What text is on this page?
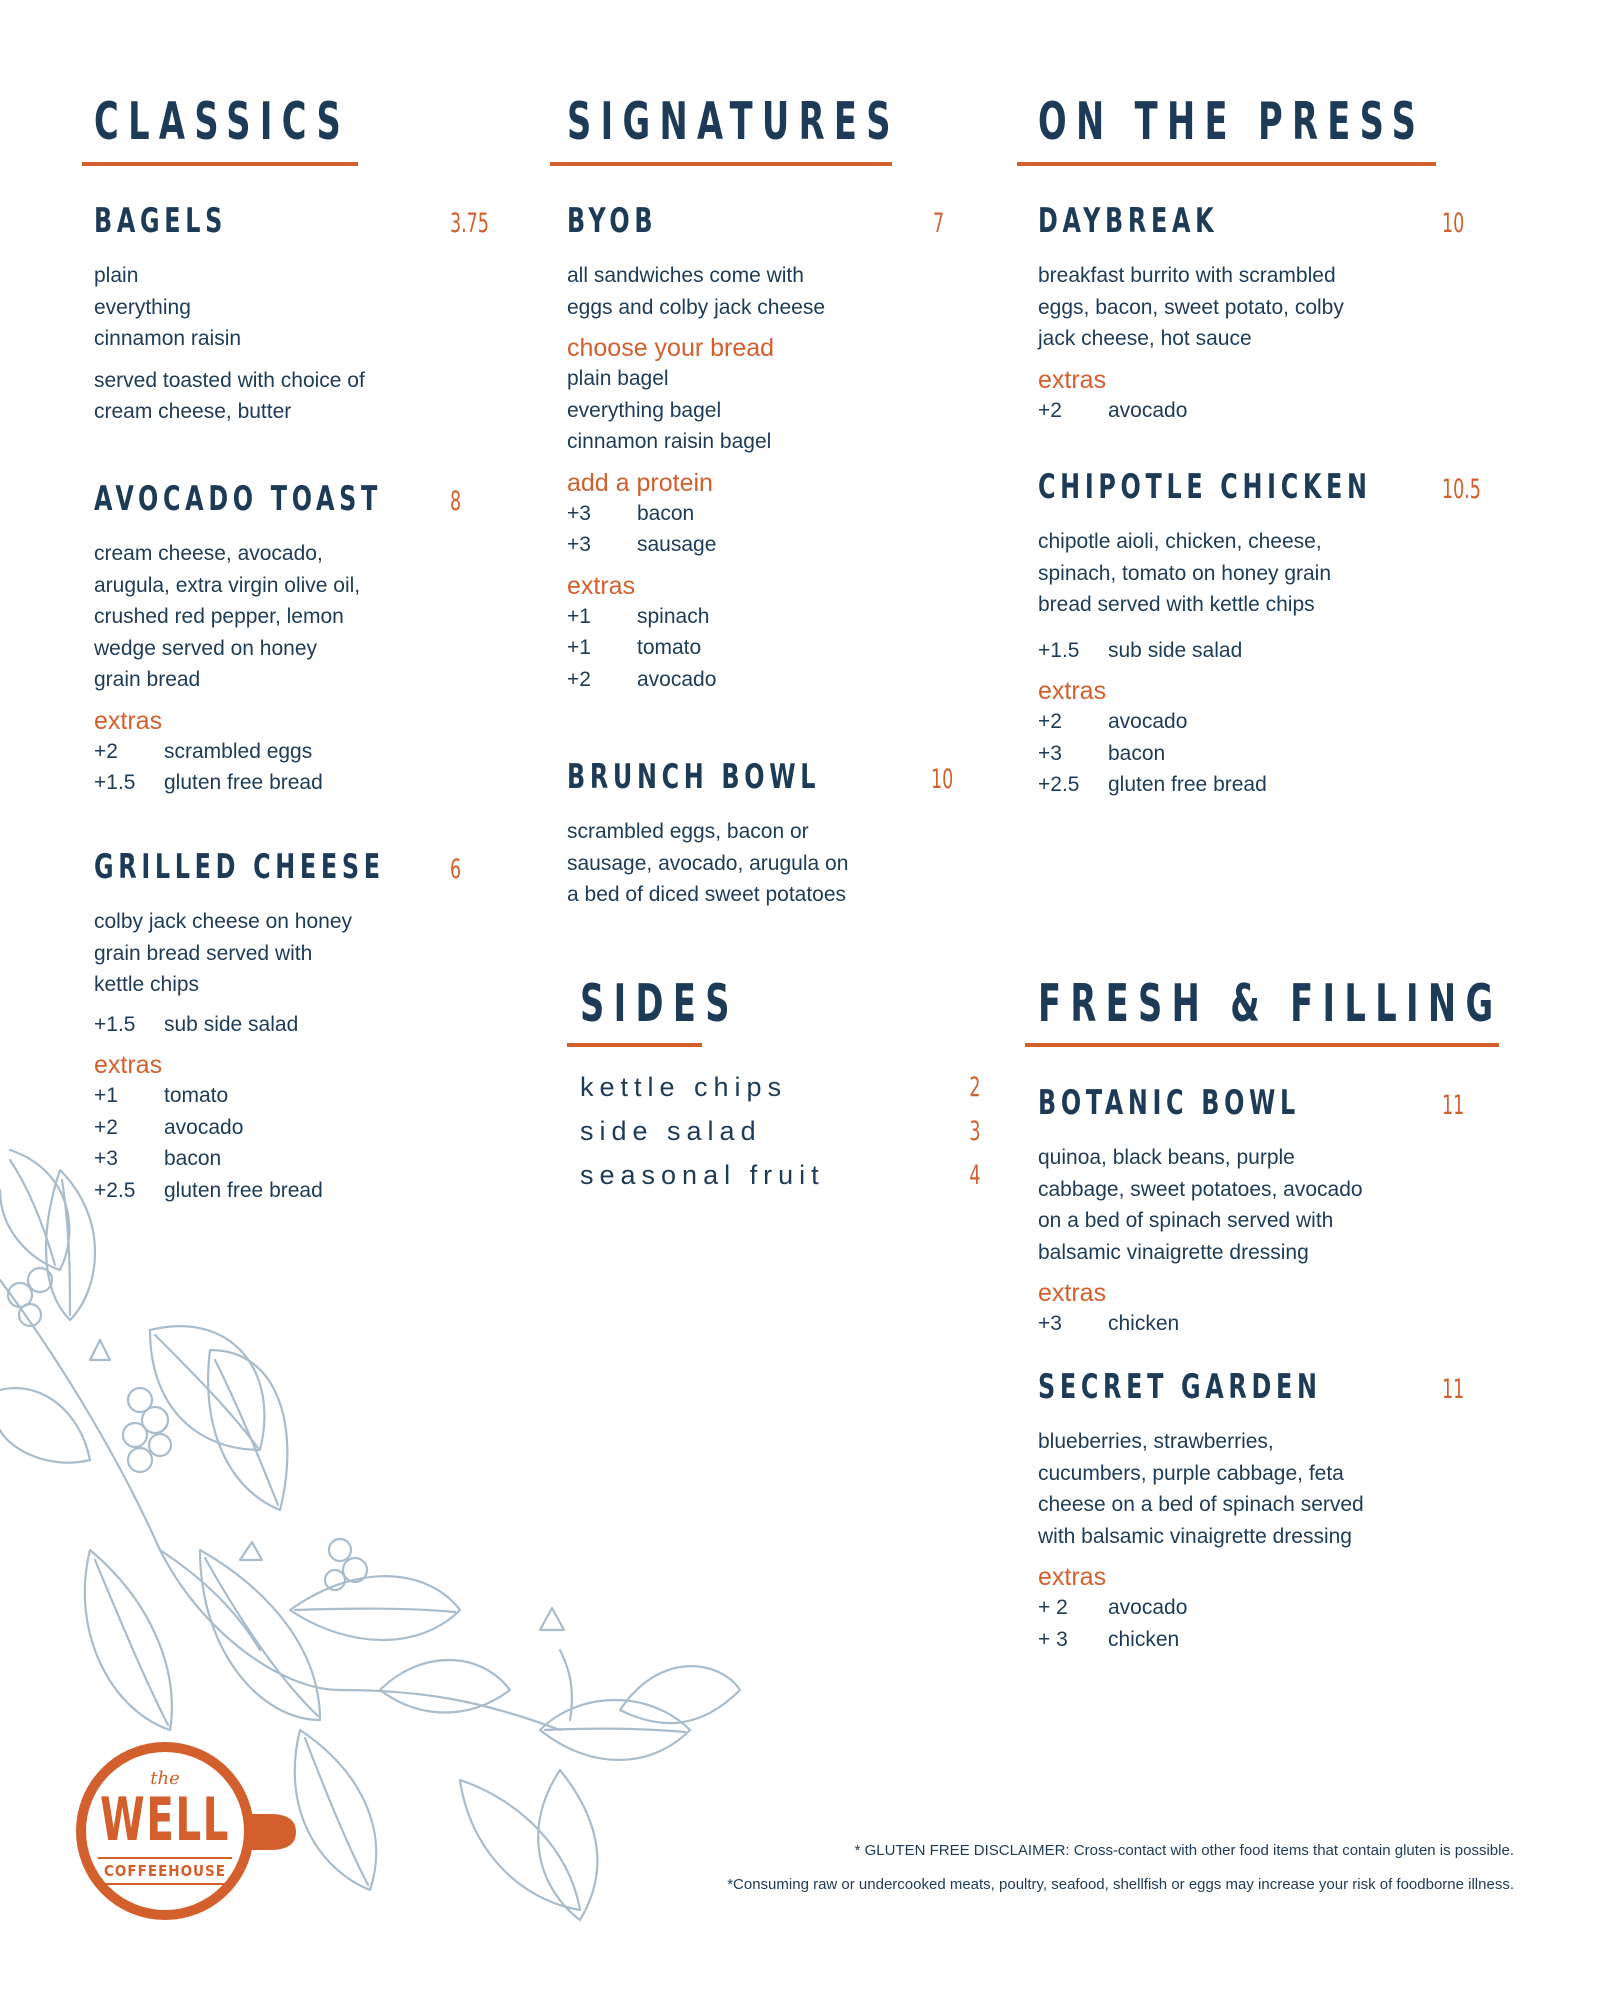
CLASSICS
BAGELS	3.75
plain
everything
cinnamon raisin
served toasted with choice of
cream cheese, butter
AVOCADO TOAST	8
cream cheese, avocado,
arugula, extra virgin olive oil,
crushed red pepper, lemon
wedge served on honey
grain bread
extras
+2	scrambled eggs
+1.5	gluten free bread
GRILLED CHEESE	6
colby jack cheese on honey
grain bread served with
kettle chips
+1.5	sub side salad
extras
+1	tomato
+2	avocado
+3	bacon
+2.5	gluten free bread
SIGNATURES
BYOB	7
all sandwiches come with
eggs and colby jack cheese
choose your bread
plain bagel
everything bagel
cinnamon raisin bagel
add a protein
+3	bacon
+3	sausage
extras
+1	spinach
+1	tomato
+2	avocado
BRUNCH BOWL	10
scrambled eggs, bacon or
sausage, avocado, arugula on
a bed of diced sweet potatoes
SIDES
kettle chips	2
side salad	3
seasonal fruit	4
ON THE PRESS
DAYBREAK	10
breakfast burrito with scrambled
eggs, bacon, sweet potato, colby
jack cheese, hot sauce
extras
+2	avocado
CHIPOTLE CHICKEN	10.5
chipotle aioli, chicken, cheese,
spinach, tomato on honey grain
bread served with kettle chips
+1.5	sub side salad
extras
+2	avocado
+3	bacon
+2.5	gluten free bread
FRESH & FILLING
BOTANIC BOWL	11
quinoa, black beans, purple
cabbage, sweet potatoes, avocado
on a bed of spinach served with
balsamic vinaigrette dressing
extras
+3	chicken
SECRET GARDEN	11
blueberries, strawberries,
cucumbers, purple cabbage, feta
cheese on a bed of spinach served
with balsamic vinaigrette dressing
extras
+ 2	avocado
+ 3	chicken
the
WELL
COFFEEHOUSE
* GLUTEN FREE DISCLAIMER: Cross-contact with other food items that contain gluten is possible.
*Consuming raw or undercooked meats, poultry, seafood, shellfish or eggs may increase your risk of foodborne illness.
